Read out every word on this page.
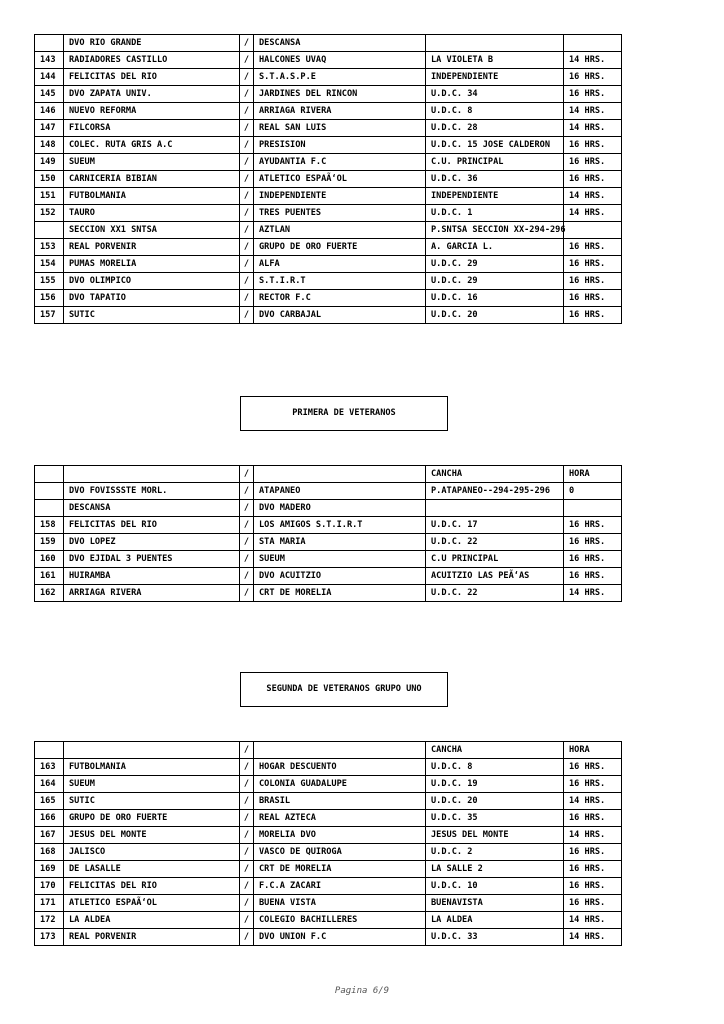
	DVO RIO GRANDE	/	DESCANSA		
143	RADIADORES CASTILLO	/	HALCONES UVAQ	LA VIOLETA B	14 HRS.
144	FELICITAS DEL RIO	/	S.T.A.S.P.E	INDEPENDIENTE	16 HRS.
145	DVO ZAPATA UNIV.	/	JARDINES DEL RINCON	U.D.C. 34	16 HRS.
146	NUEVO REFORMA	/	ARRIAGA RIVERA	U.D.C. 8	14 HRS.
147	FILCORSA	/	REAL SAN LUIS	U.D.C. 28	14 HRS.
148	COLEC. RUTA GRIS A.C	/	PRESISION	U.D.C. 15 JOSE CALDERON	16 HRS.
149	SUEUM	/	AYUDANTIA F.C	C.U. PRINCIPAL	16 HRS.
150	CARNICERIA BIBIAN	/	ATLETICO ESPAÃ‘OL	U.D.C. 36	16 HRS.
151	FUTBOLMANIA	/	INDEPENDIENTE	INDEPENDIENTE	14 HRS.
152	TAURO	/	TRES PUENTES	U.D.C. 1	14 HRS.
	SECCION XX1 SNTSA	/	AZTLAN	P.SNTSA SECCION XX-294-296	
153	REAL PORVENIR	/	GRUPO DE ORO FUERTE	A. GARCIA L.	16 HRS.
154	PUMAS MORELIA	/	ALFA	U.D.C. 29	16 HRS.
155	DVO OLIMPICO	/	S.T.I.R.T	U.D.C. 29	16 HRS.
156	DVO TAPATIO	/	RECTOR F.C	U.D.C. 16	16 HRS.
157	SUTIC	/	DVO CARBAJAL	U.D.C. 20	16 HRS.
PRIMERA DE VETERANOS
		/		CANCHA	HORA
	DVO FOVISSSTE MORL.	/	ATAPANEO	P.ATAPANEO--294-295-296	0
	DESCANSA	/	DVO MADERO		
158	FELICITAS DEL RIO	/	LOS AMIGOS S.T.I.R.T	U.D.C. 17	16 HRS.
159	DVO LOPEZ	/	STA MARIA	U.D.C. 22	16 HRS.
160	DVO EJIDAL 3 PUENTES	/	SUEUM	C.U PRINCIPAL	16 HRS.
161	HUIRAMBA	/	DVO ACUITZIO	ACUITZIO LAS PEÃ‘AS	16 HRS.
162	ARRIAGA RIVERA	/	CRT DE MORELIA	U.D.C. 22	14 HRS.
SEGUNDA DE VETERANOS GRUPO UNO
		/		CANCHA	HORA
163	FUTBOLMANIA	/	HOGAR DESCUENTO	U.D.C. 8	16 HRS.
164	SUEUM	/	COLONIA GUADALUPE	U.D.C. 19	16 HRS.
165	SUTIC	/	BRASIL	U.D.C. 20	14 HRS.
166	GRUPO DE ORO FUERTE	/	REAL AZTECA	U.D.C. 35	16 HRS.
167	JESUS DEL MONTE	/	MORELIA DVO	JESUS DEL MONTE	14 HRS.
168	JALISCO	/	VASCO DE QUIROGA	U.D.C. 2	16 HRS.
169	DE LASALLE	/	CRT DE MORELIA	LA SALLE 2	16 HRS.
170	FELICITAS DEL RIO	/	F.C.A ZACARI	U.D.C. 10	16 HRS.
171	ATLETICO ESPAÃ‘OL	/	BUENA VISTA	BUENAVISTA	16 HRS.
172	LA ALDEA	/	COLEGIO BACHILLERES	LA ALDEA	14 HRS.
173	REAL PORVENIR	/	DVO UNION F.C	U.D.C. 33	14 HRS.
Pagina 6/9
